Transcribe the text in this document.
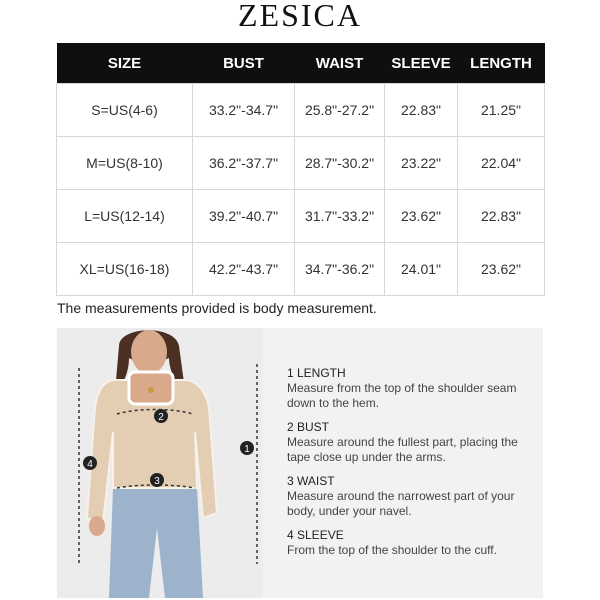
ZESICA
SIZE	BUST	WAIST	SLEEVE	LENGTH
S=US(4-6)	33.2"-34.7"	25.8"-27.2"	22.83"	21.25"
M=US(8-10)	36.2"-37.7"	28.7"-30.2"	23.22"	22.04"
L=US(12-14)	39.2"-40.7"	31.7"-33.2"	23.62"	22.83"
XL=US(16-18)	42.2"-43.7"	34.7"-36.2"	24.01"	23.62"
The measurements provided is body measurement.
2
3
1
4
1 LENGTH
Measure from the top of the shoulder seam down to the hem.
2 BUST
Measure around the fullest part, placing the tape close up under the arms.
3 WAIST
Measure around the narrowest part of your body, under your navel.
4 SLEEVE
From the top of the shoulder to the cuff.
